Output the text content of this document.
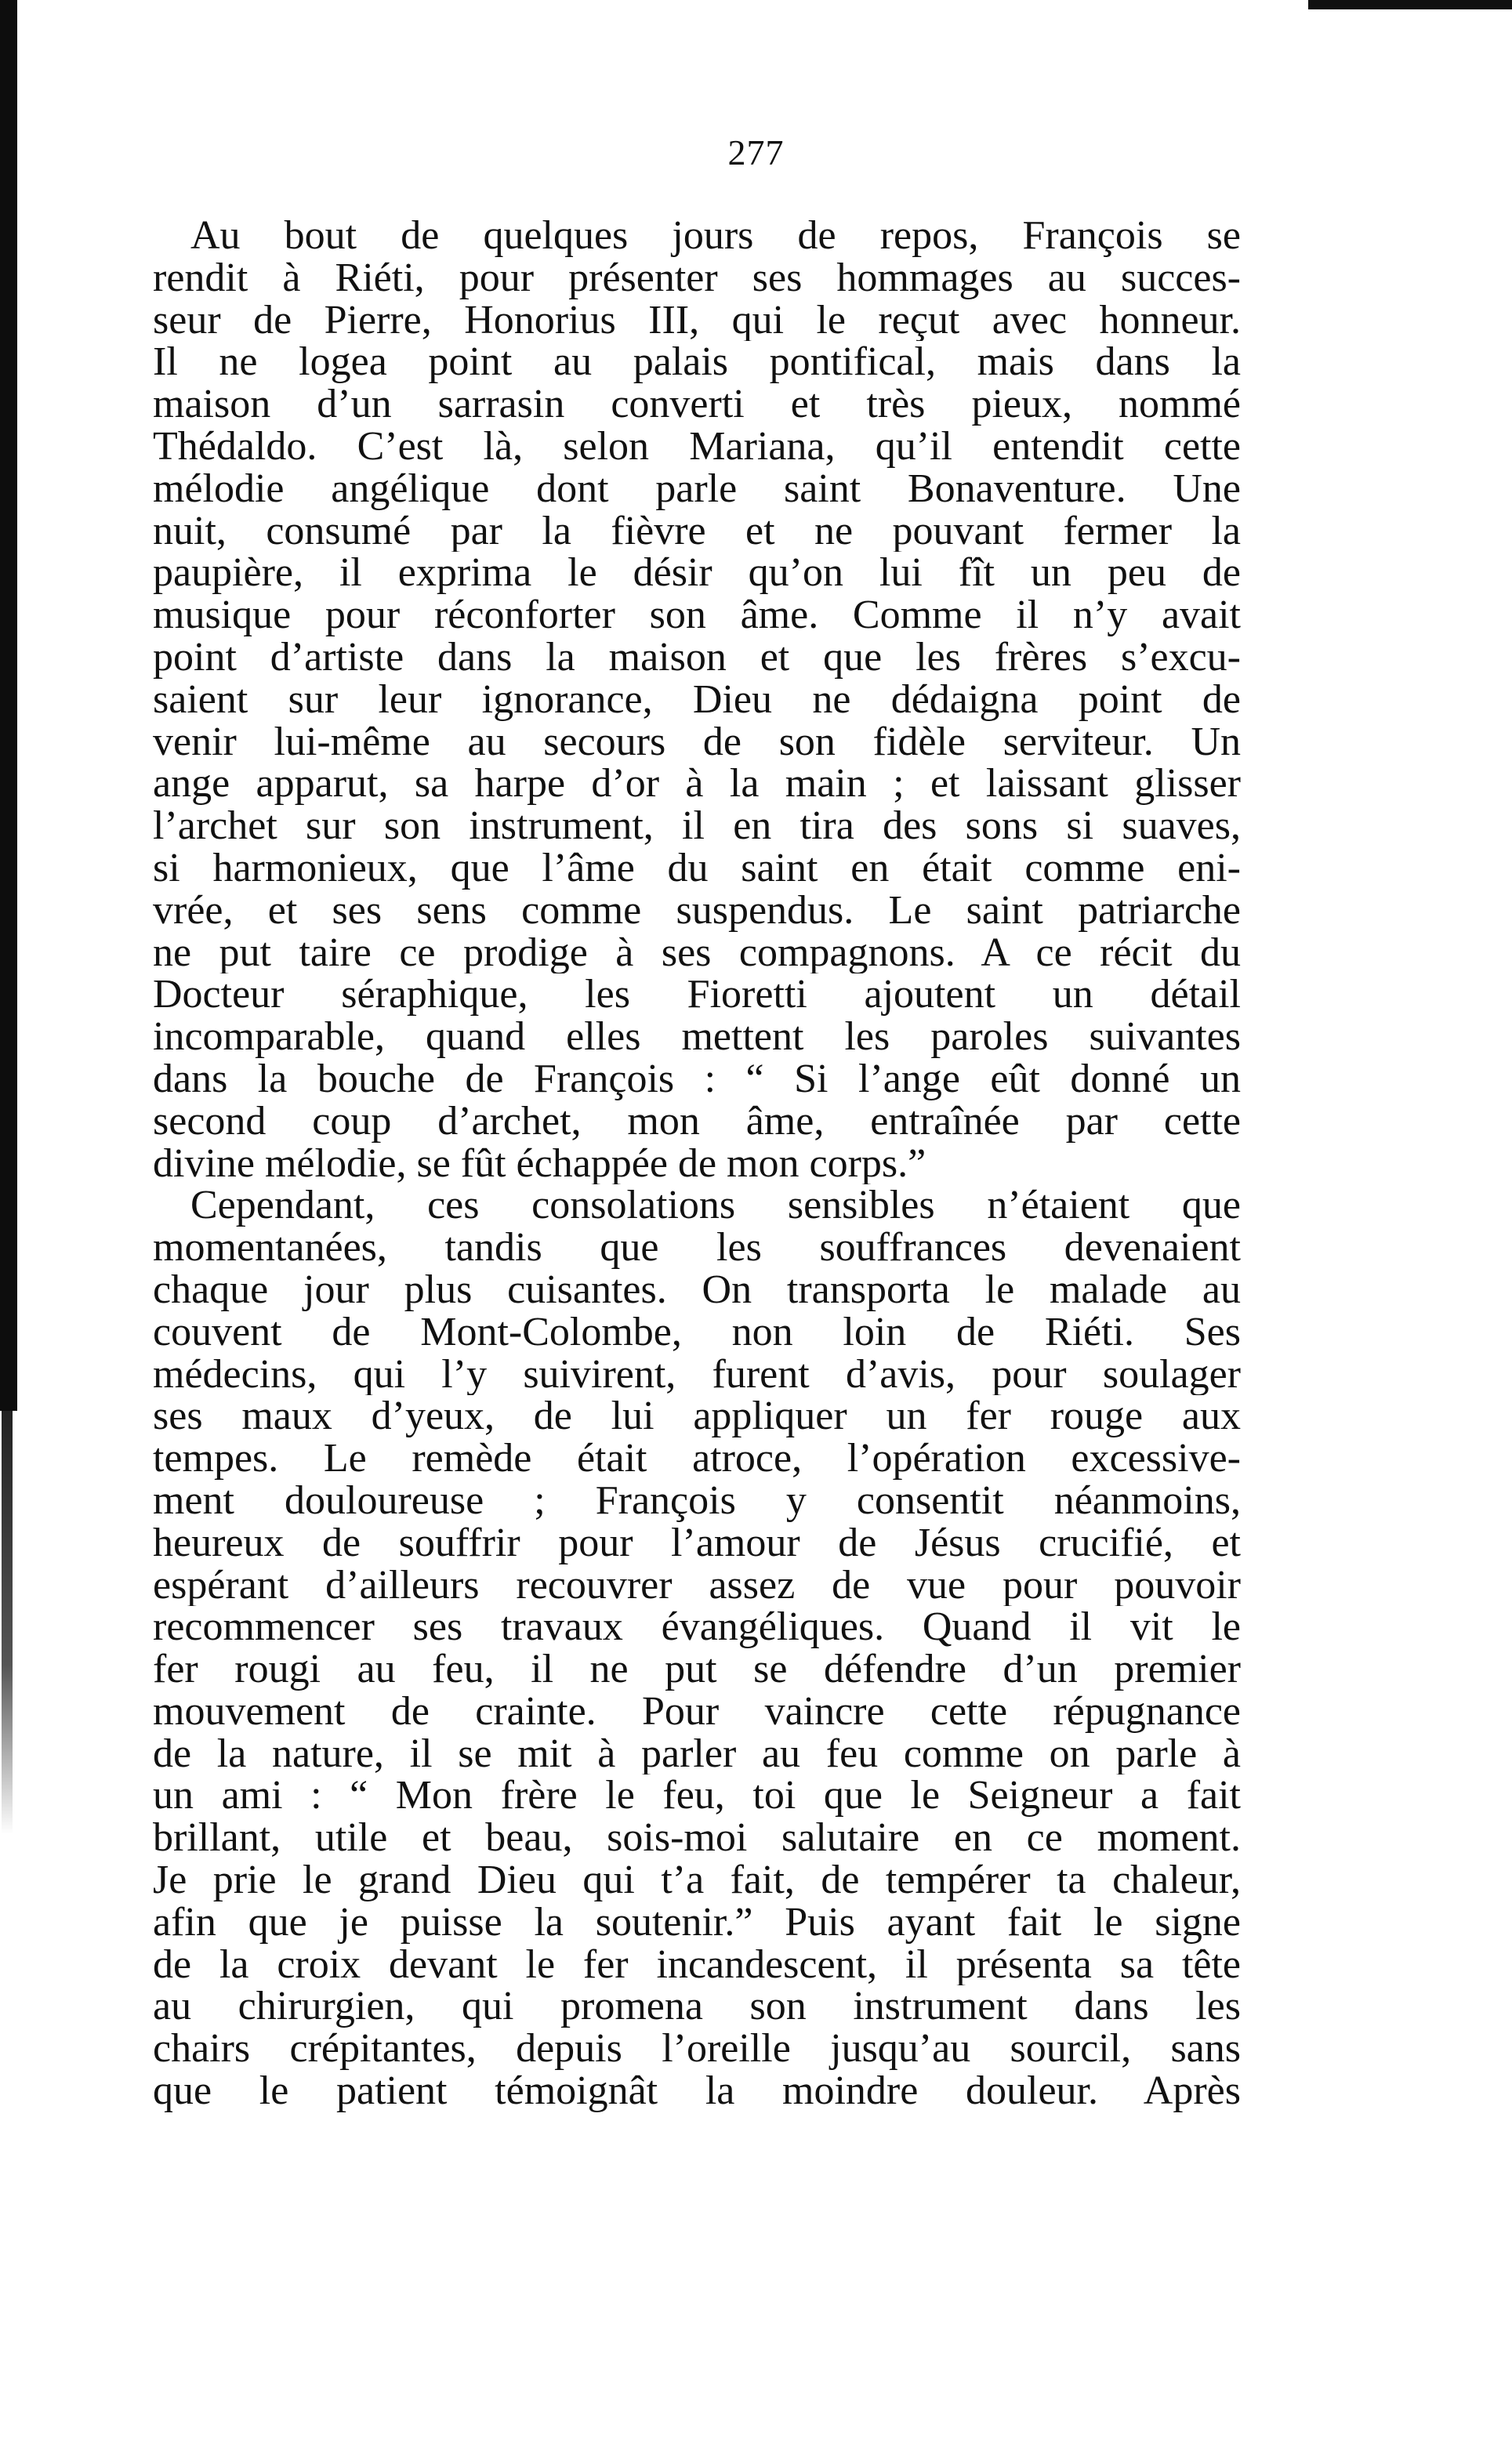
277
Au bout de quelques jours de repos, François se
rendit à Riéti, pour présenter ses hommages au succes-
seur de Pierre, Honorius III, qui le reçut avec honneur.
Il ne logea point au palais pontifical, mais dans la
maison d’un sarrasin converti et très pieux, nommé
Thédaldo. C’est là, selon Mariana, qu’il entendit cette
mélodie angélique dont parle saint Bonaventure. Une
nuit, consumé par la fièvre et ne pouvant fermer la
paupière, il exprima le désir qu’on lui fît un peu de
musique pour réconforter son âme. Comme il n’y avait
point d’artiste dans la maison et que les frères s’excu-
saient sur leur ignorance, Dieu ne dédaigna point de
venir lui-même au secours de son fidèle serviteur. Un
ange apparut, sa harpe d’or à la main ; et laissant glisser
l’archet sur son instrument, il en tira des sons si suaves,
si harmonieux, que l’âme du saint en était comme eni-
vrée, et ses sens comme suspendus. Le saint patriarche
ne put taire ce prodige à ses compagnons. A ce récit du
Docteur séraphique, les Fioretti ajoutent un détail
incomparable, quand elles mettent les paroles suivantes
dans la bouche de François : “ Si l’ange eût donné un
second coup d’archet, mon âme, entraînée par cette
divine mélodie, se fût échappée de mon corps.”
Cependant, ces consolations sensibles n’étaient que
momentanées, tandis que les souffrances devenaient
chaque jour plus cuisantes. On transporta le malade au
couvent de Mont-Colombe, non loin de Riéti. Ses
médecins, qui l’y suivirent, furent d’avis, pour soulager
ses maux d’yeux, de lui appliquer un fer rouge aux
tempes. Le remède était atroce, l’opération excessive-
ment douloureuse ; François y consentit néanmoins,
heureux de souffrir pour l’amour de Jésus crucifié, et
espérant d’ailleurs recouvrer assez de vue pour pouvoir
recommencer ses travaux évangéliques. Quand il vit le
fer rougi au feu, il ne put se défendre d’un premier
mouvement de crainte. Pour vaincre cette répugnance
de la nature, il se mit à parler au feu comme on parle à
un ami : “ Mon frère le feu, toi que le Seigneur a fait
brillant, utile et beau, sois-moi salutaire en ce moment.
Je prie le grand Dieu qui t’a fait, de tempérer ta chaleur,
afin que je puisse la soutenir.” Puis ayant fait le signe
de la croix devant le fer incandescent, il présenta sa tête
au chirurgien, qui promena son instrument dans les
chairs crépitantes, depuis l’oreille jusqu’au sourcil, sans
que le patient témoignât la moindre douleur. Après
